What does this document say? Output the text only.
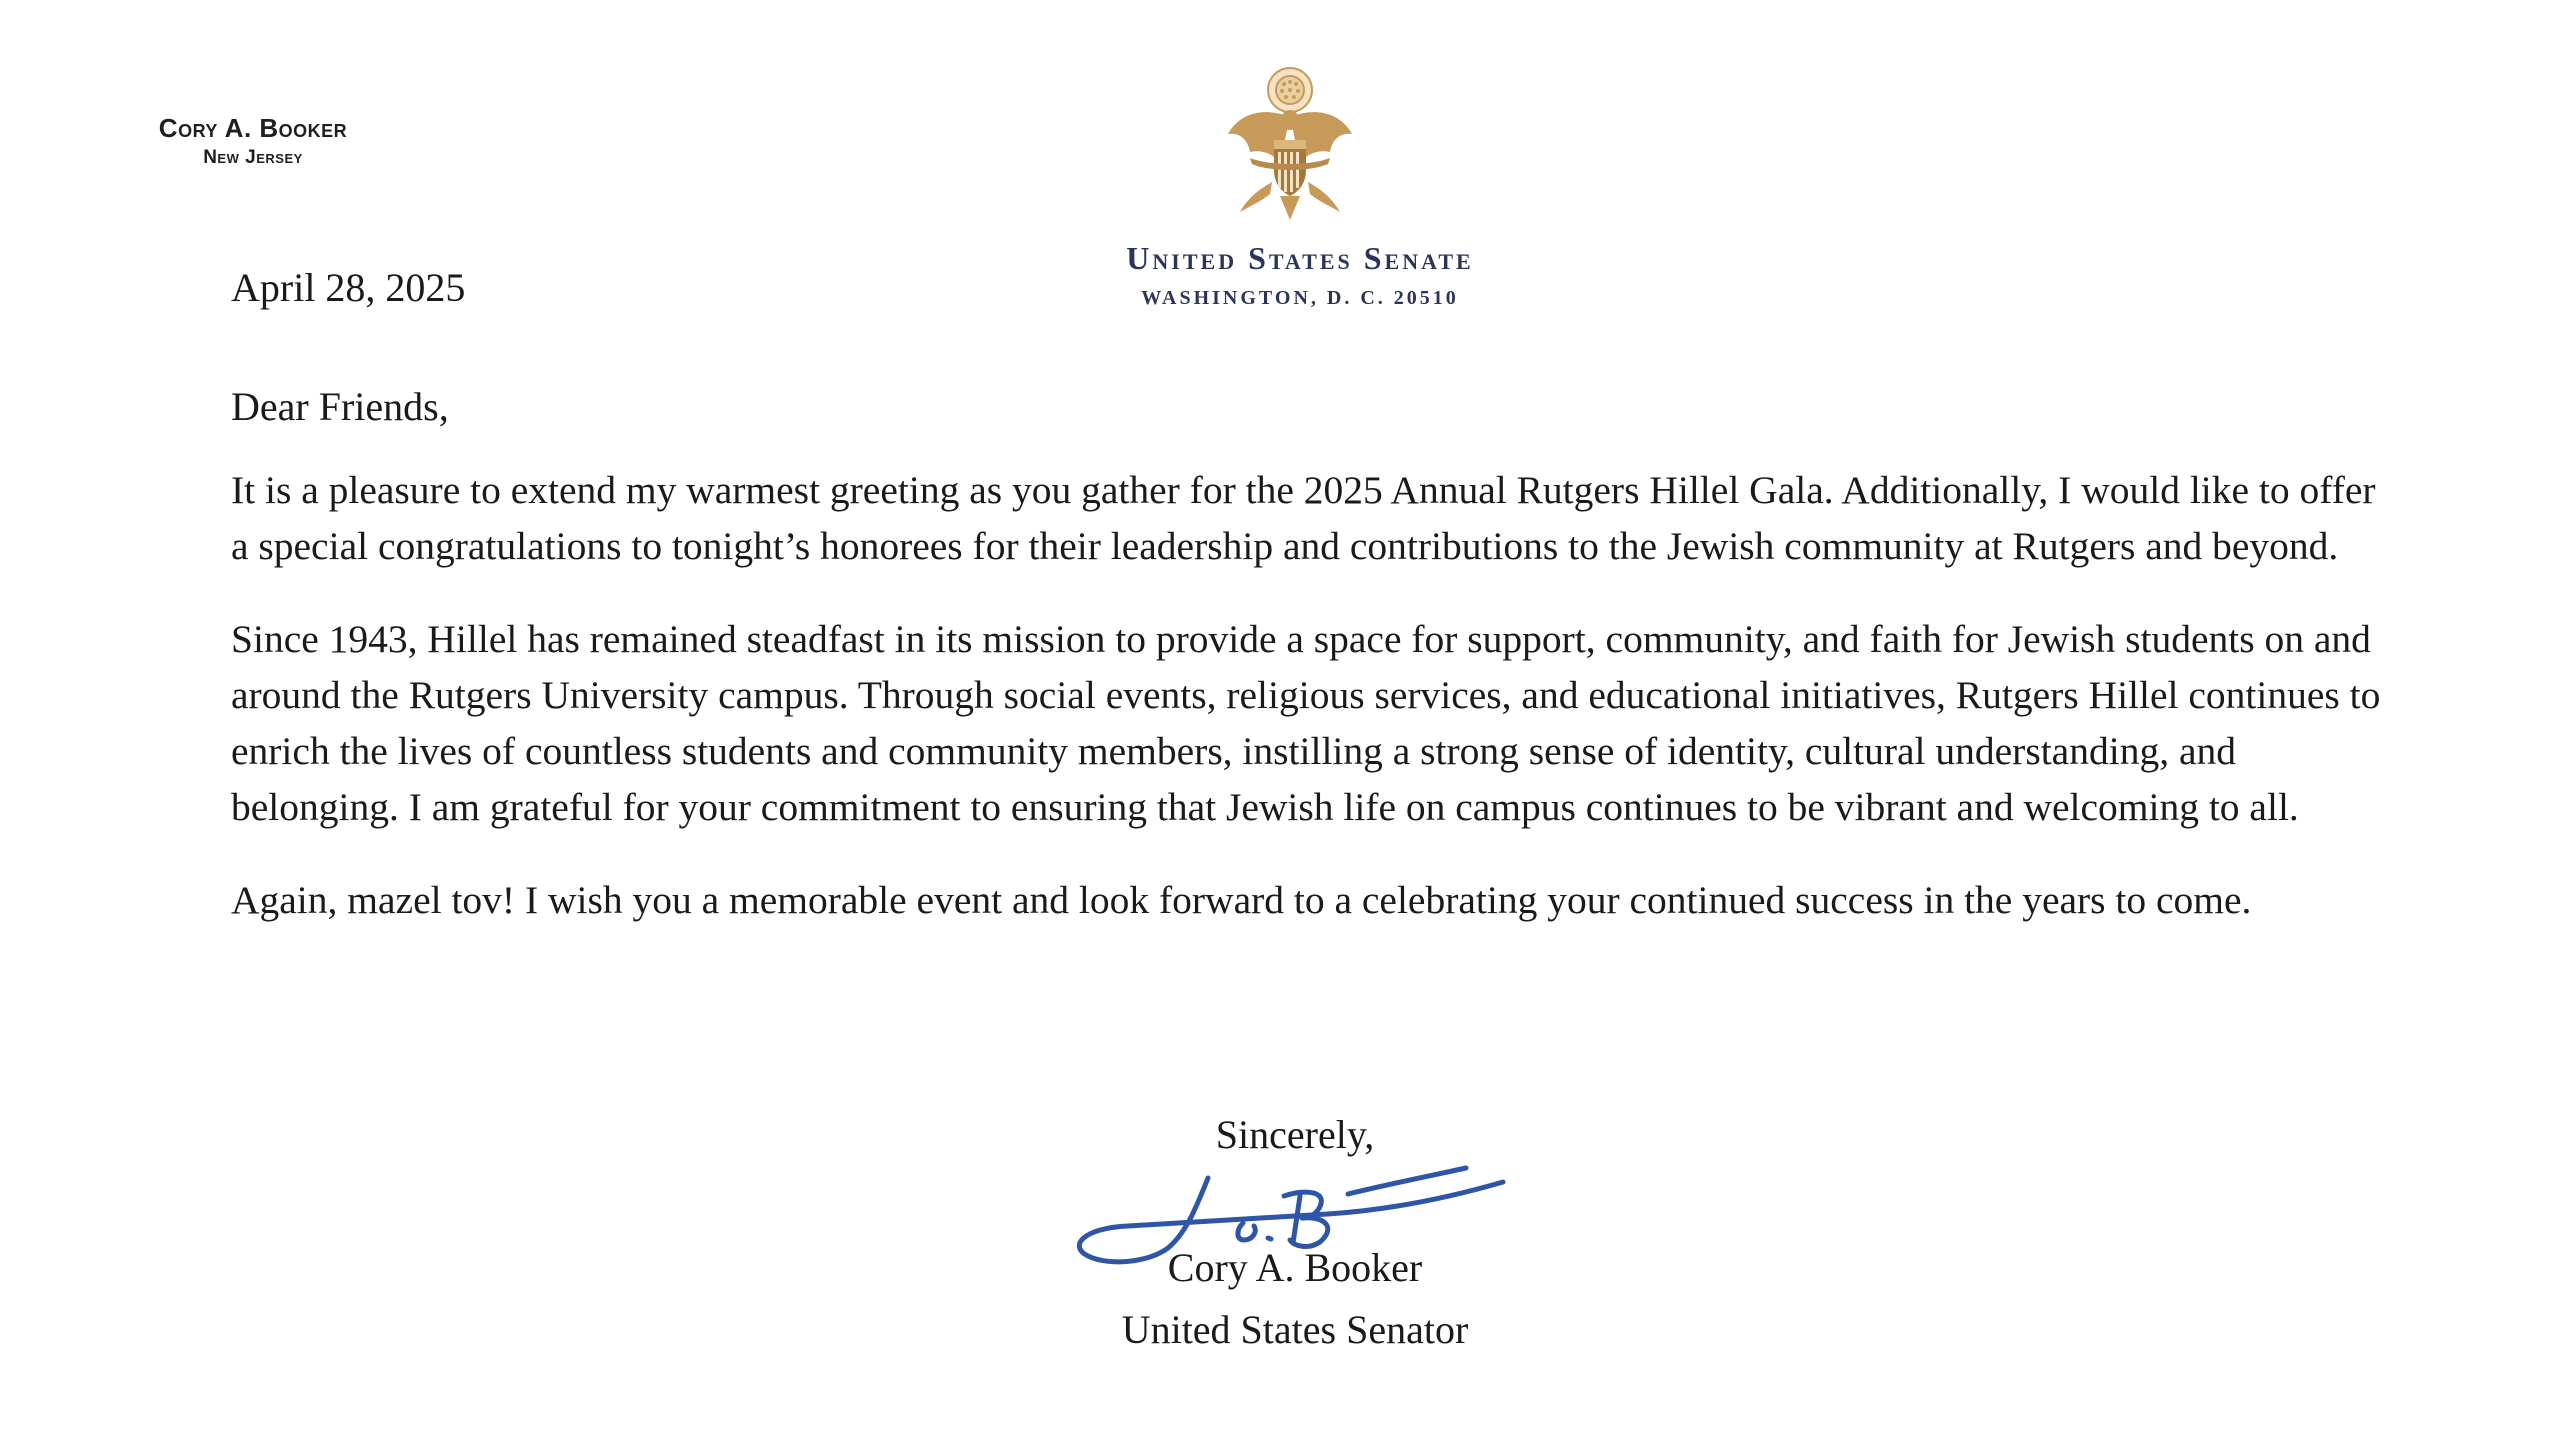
Cory A. Booker
New Jersey
United States Senate
WASHINGTON, D. C. 20510
April 28, 2025
Dear Friends,

It is a pleasure to extend my warmest greeting as you gather for the 2025 Annual Rutgers Hillel Gala. Additionally, I would like to offer a special congratulations to tonight’s honorees for their leadership and contributions to the Jewish community at Rutgers and beyond.

Since 1943, Hillel has remained steadfast in its mission to provide a space for support, community, and faith for Jewish students on and around the Rutgers University campus. Through social events, religious services, and educational initiatives, Rutgers Hillel continues to enrich the lives of countless students and community members, instilling a strong sense of identity, cultural understanding, and belonging. I am grateful for your commitment to ensuring that Jewish life on campus continues to be vibrant and welcoming to all.

Again, mazel tov! I wish you a memorable event and look forward to a celebrating your continued success in the years to come.

Sincerely,
Cory A. Booker
United States Senator
